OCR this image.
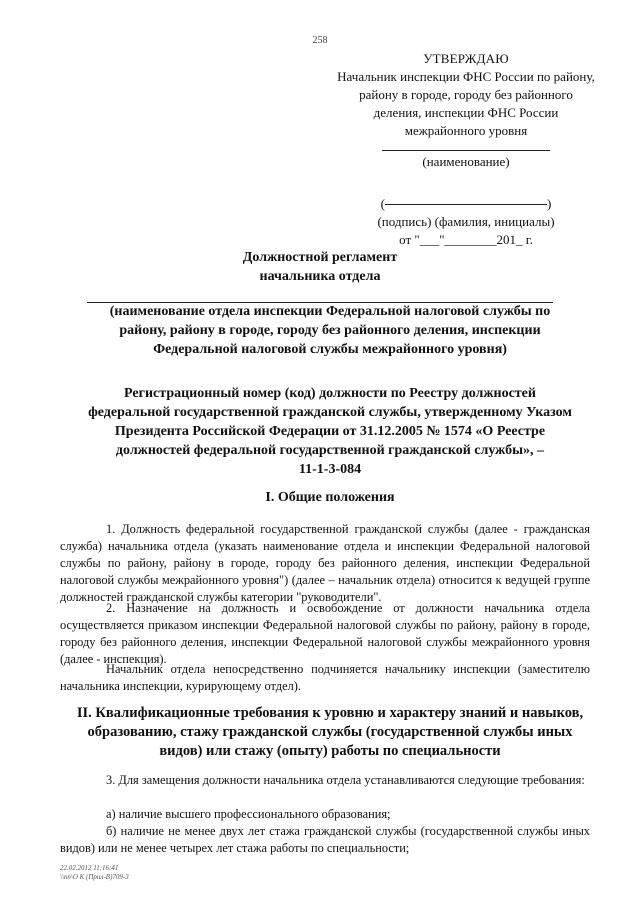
258
УТВЕРЖДАЮ
Начальник инспекции ФНС России по району,
району в городе, городу без районного
деления, инспекции ФНС России
межрайонного уровня
(наименование)
(	)
(подпись) (фамилия, инициалы)
от "___"________201_ г.
Должностной регламент
начальника отдела
(наименование отдела инспекции Федеральной налоговой службы по
району, району в городе, городу без районного деления, инспекции
Федеральной налоговой службы межрайонного уровня)
Регистрационный номер (код) должности по Реестру должностей
федеральной государственной гражданской службы, утвержденному Указом
Президента Российской Федерации от 31.12.2005 № 1574 «О Реестре
должностей федеральной государственной гражданской службы», –
11-1-3-084
I. Общие положения
1. Должность федеральной государственной гражданской службы (далее - гражданская служба) начальника отдела (указать наименование отдела и инспекции Федеральной налоговой службы по району, району в городе, городу без районного деления, инспекции Федеральной налоговой службы межрайонного уровня") (далее – начальник отдела) относится к ведущей группе должностей гражданской службы категории "руководители".
2. Назначение на должность и освобождение от должности начальника отдела осуществляется приказом инспекции Федеральной налоговой службы по району, району в городе, городу без районного деления, инспекции Федеральной налоговой службы межрайонного уровня (далее - инспекция).
Начальник отдела непосредственно подчиняется начальнику инспекции (заместителю начальника инспекции, курирующему отдел).
II. Квалификационные требования к уровню и характеру знаний и навыков,
образованию, стажу гражданской службы (государственной службы иных
видов) или стажу (опыту) работы по специальности
3. Для замещения должности начальника отдела устанавливаются следующие требования:
а) наличие высшего профессионального образования;
б) наличие не менее двух лет стажа гражданской службы (государственной службы иных видов) или не менее четырех лет стажа работы по специальности;
22.02.2012 11:16:41
\\nn\О К (Прил-В)709-3
